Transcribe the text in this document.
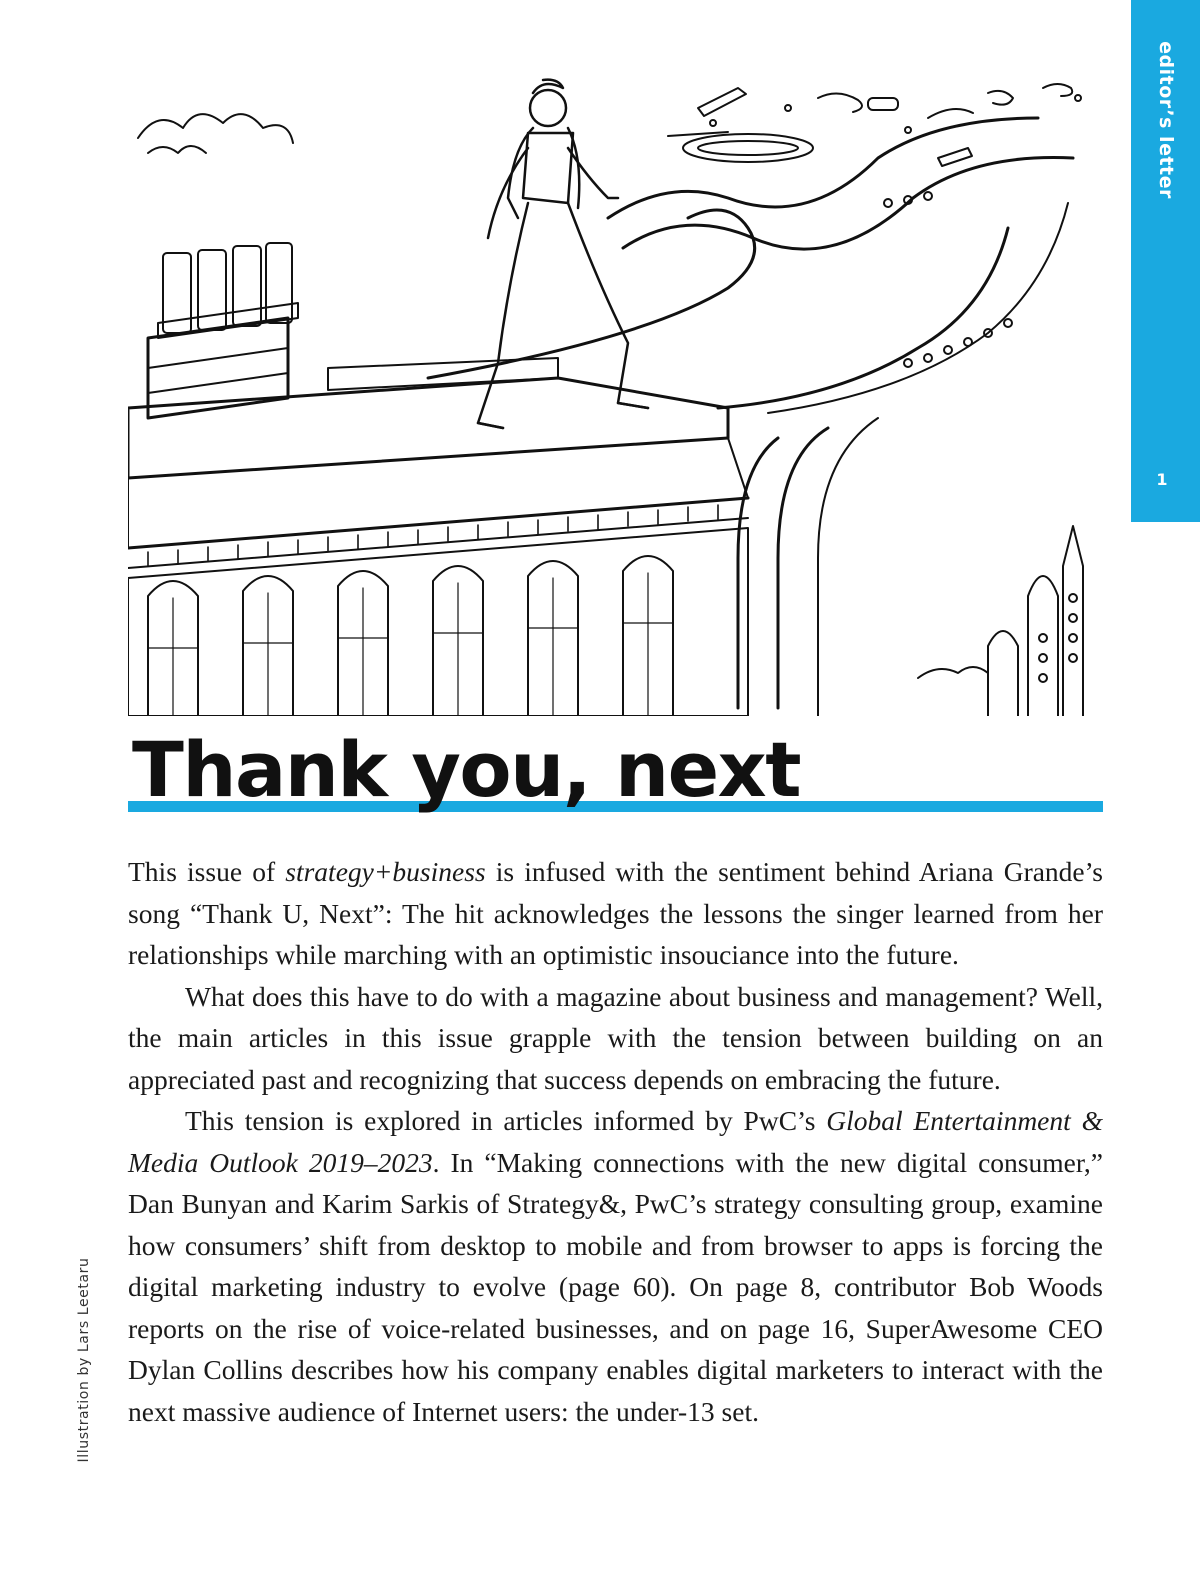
editor’s letter
1
Illustration by Lars Leetaru
Thank you, next

This issue of strategy+business is infused with the sentiment behind Ariana Grande’s song “Thank U, Next”: The hit acknowledges the lessons the singer learned from her relationships while marching with an optimistic insouciance into the future.

What does this have to do with a magazine about business and management? Well, the main articles in this issue grapple with the tension between building on an appreciated past and recognizing that success depends on embracing the future.

This tension is explored in articles informed by PwC’s Global Entertainment & Media Outlook 2019–2023. In “Making connections with the new digital consumer,” Dan Bunyan and Karim Sarkis of Strategy&, PwC’s strategy consulting group, examine how consumers’ shift from desktop to mobile and from browser to apps is forcing the digital marketing industry to evolve (page 60). On page 8, contributor Bob Woods reports on the rise of voice-related businesses, and on page 16, SuperAwesome CEO Dylan Collins describes how his company enables digital marketers to interact with the next massive audience of Internet users: the under-13 set.
